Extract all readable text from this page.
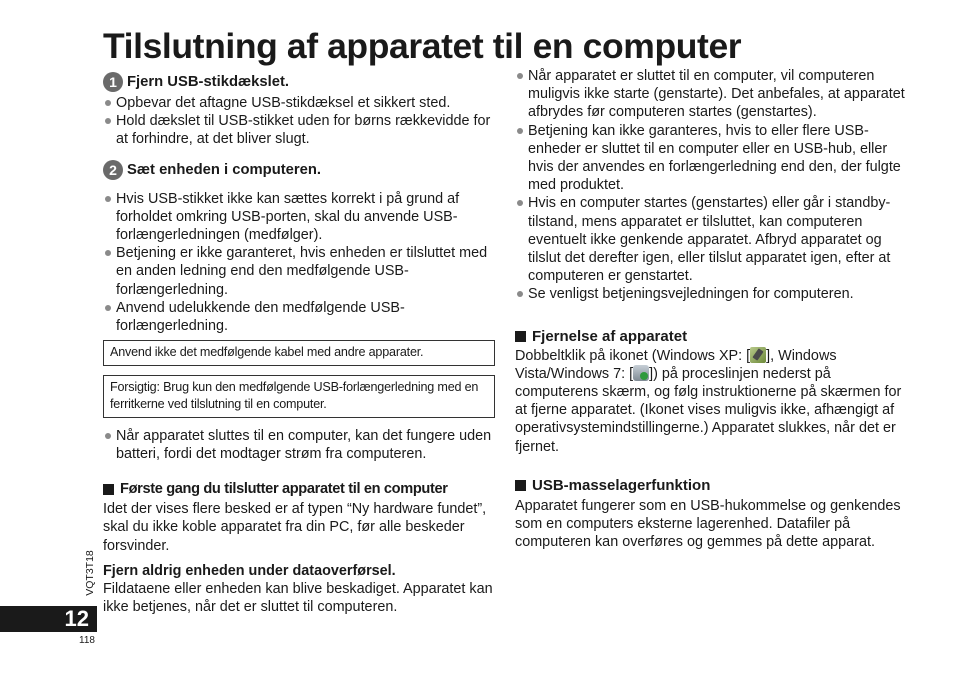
Tilslutning af apparatet til en computer
1 Fjern USB-stikdækslet.
Opbevar det aftagne USB-stikdæksel et sikkert sted.
Hold dækslet til USB-stikket uden for børns rækkevidde for at forhindre, at det bliver slugt.
2 Sæt enheden i computeren.
Hvis USB-stikket ikke kan sættes korrekt i på grund af forholdet omkring USB-porten, skal du anvende USB-forlængerledningen (medfølger).
Betjening er ikke garanteret, hvis enheden er tilsluttet med en anden ledning end den medfølgende USB-forlængerledning.
Anvend udelukkende den medfølgende USB-forlængerledning.
Anvend ikke det medfølgende kabel med andre apparater.
Forsigtig: Brug kun den medfølgende USB-forlængerledning med en ferritkerne ved tilslutning til en computer.
Når apparatet sluttes til en computer, kan det fungere uden batteri, fordi det modtager strøm fra computeren.
Første gang du tilslutter apparatet til en computer
Idet der vises flere besked er af typen “Ny hardware fundet”, skal du ikke koble apparatet fra din PC, før alle beskeder forsvinder.
Fjern aldrig enheden under dataoverførsel.
Fildataene eller enheden kan blive beskadiget. Apparatet kan ikke betjenes, når det er sluttet til computeren.
Når apparatet er sluttet til en computer, vil computeren muligvis ikke starte (genstarte). Det anbefales, at apparatet afbrydes før computeren startes (genstartes).
Betjening kan ikke garanteres, hvis to eller flere USB-enheder er sluttet til en computer eller en USB-hub, eller hvis der anvendes en forlængerledning end den, der fulgte med produktet.
Hvis en computer startes (genstartes) eller går i standby-tilstand, mens apparatet er tilsluttet, kan computeren eventuelt ikke genkende apparatet. Afbryd apparatet og tilslut det derefter igen, eller tilslut apparatet igen, efter at computeren er genstartet.
Se venligst betjeningsvejledningen for computeren.
Fjernelse af apparatet
Dobbeltklik på ikonet (Windows XP: [ ], Windows Vista/Windows 7: [ ]) på proceslinjen nederst på computerens skærm, og følg instruktionerne på skærmen for at fjerne apparatet. (Ikonet vises muligvis ikke, afhængigt af operativsystemindstillingerne.) Apparatet slukkes, når det er fjernet.
USB-masselagerfunktion
Apparatet fungerer som en USB-hukommelse og genkendes som en computers eksterne lagerenhed. Datafiler på computeren kan overføres og gemmes på dette apparat.
VQT3T18
12
118
